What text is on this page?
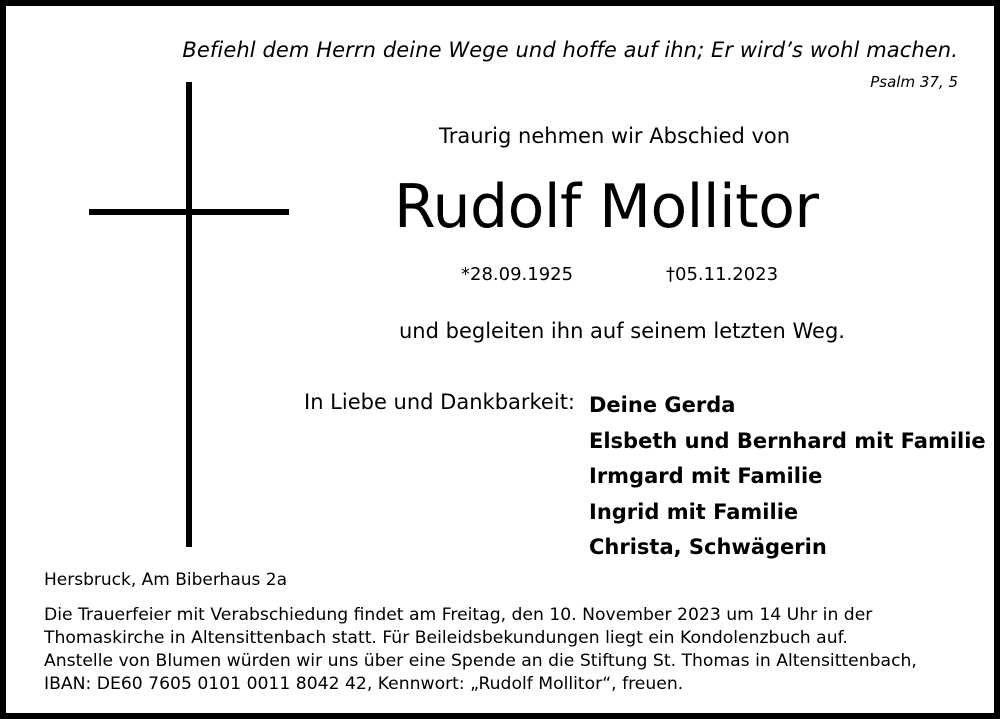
Befiehl dem Herrn deine Wege und hoffe auf ihn; Er wird’s wohl machen.
Psalm 37, 5
Traurig nehmen wir Abschied von
Rudolf Mollitor
*28.09.1925	†05.11.2023
und begleiten ihn auf seinem letzten Weg.
In Liebe und Dankbarkeit: Deine Gerda
Elsbeth und Bernhard mit Familie
Irmgard mit Familie
Ingrid mit Familie
Christa, Schwägerin
Hersbruck, Am Biberhaus 2a
Die Trauerfeier mit Verabschiedung findet am Freitag, den 10. November 2023 um 14 Uhr in der
Thomaskirche in Altensittenbach statt. Für Beileidsbekundungen liegt ein Kondolenzbuch auf.
Anstelle von Blumen würden wir uns über eine Spende an die Stiftung St. Thomas in Altensittenbach,
IBAN: DE60 7605 0101 0011 8042 42, Kennwort: „Rudolf Mollitor“, freuen.
